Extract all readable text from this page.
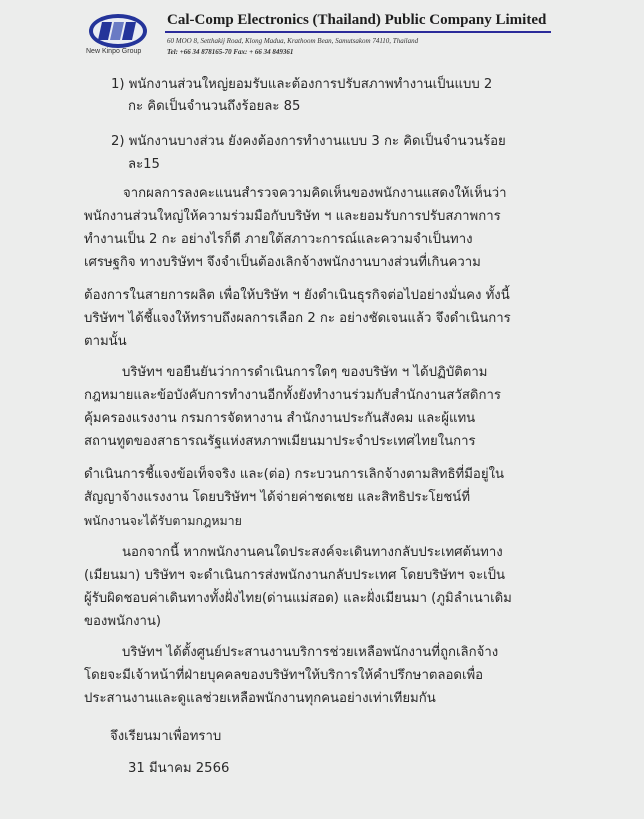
New Kinpo Group
Cal-Comp Electronics (Thailand) Public Company Limited
60 MOO 8, Setthakij Road, Klong Madua, Krathoom Bean, Samutsakom 74110, Thailand
Tel: +66 34 878165-70 Fax: + 66 34 849361
1) พนักงานส่วนใหญ่ยอมรับและต้องการปรับสภาพทำงานเป็นแบบ 2
กะ คิดเป็นจำนวนถึงร้อยละ 85
2) พนักงานบางส่วน ยังคงต้องการทำงานแบบ 3 กะ คิดเป็นจำนวนร้อย
ละ15
จากผลการลงคะแนนสำรวจความคิดเห็นของพนักงานแสดงให้เห็นว่า
พนักงานส่วนใหญ่ให้ความร่วมมือกับบริษัท ฯ และยอมรับการปรับสภาพการ
ทำงานเป็น 2 กะ อย่างไรก็ดี ภายใต้สภาวะการณ์และความจำเป็นทาง
เศรษฐกิจ ทางบริษัทฯ จึงจำเป็นต้องเลิกจ้างพนักงานบางส่วนที่เกินความ
ต้องการในสายการผลิต เพื่อให้บริษัท ฯ ยังดำเนินธุรกิจต่อไปอย่างมั่นคง ทั้งนี้
บริษัทฯ ได้ชี้แจงให้ทราบถึงผลการเลือก 2 กะ อย่างชัดเจนแล้ว จึงดำเนินการ
ตามนั้น
บริษัทฯ ขอยืนยันว่าการดำเนินการใดๆ ของบริษัท ฯ ได้ปฏิบัติตาม
กฎหมายและข้อบังคับการทำงานอีกทั้งยังทำงานร่วมกับสำนักงานสวัสดิการ
คุ้มครองแรงงาน กรมการจัดหางาน สำนักงานประกันสังคม และผู้แทน
สถานทูตของสาธารณรัฐแห่งสหภาพเมียนมาประจำประเทศไทยในการ
ดำเนินการชี้แจงข้อเท็จจริง และ(ต่อ) กระบวนการเลิกจ้างตามสิทธิที่มีอยู่ใน
สัญญาจ้างแรงงาน โดยบริษัทฯ ได้จ่ายค่าชดเชย และสิทธิประโยชน์ที่
พนักงานจะได้รับตามกฎหมาย
นอกจากนี้ หากพนักงานคนใดประสงค์จะเดินทางกลับประเทศต้นทาง
(เมียนมา) บริษัทฯ จะดำเนินการส่งพนักงานกลับประเทศ โดยบริษัทฯ จะเป็น
ผู้รับผิดชอบค่าเดินทางทั้งฝั่งไทย(ด่านแม่สอด) และฝั่งเมียนมา (ภูมิลำเนาเดิม
ของพนักงาน)
บริษัทฯ ได้ตั้งศูนย์ประสานงานบริการช่วยเหลือพนักงานที่ถูกเลิกจ้าง
โดยจะมีเจ้าหน้าที่ฝ่ายบุคคลของบริษัทฯให้บริการให้คำปรึกษาตลอดเพื่อ
ประสานงานและดูแลช่วยเหลือพนักงานทุกคนอย่างเท่าเทียมกัน
จึงเรียนมาเพื่อทราบ
31 มีนาคม 2566
